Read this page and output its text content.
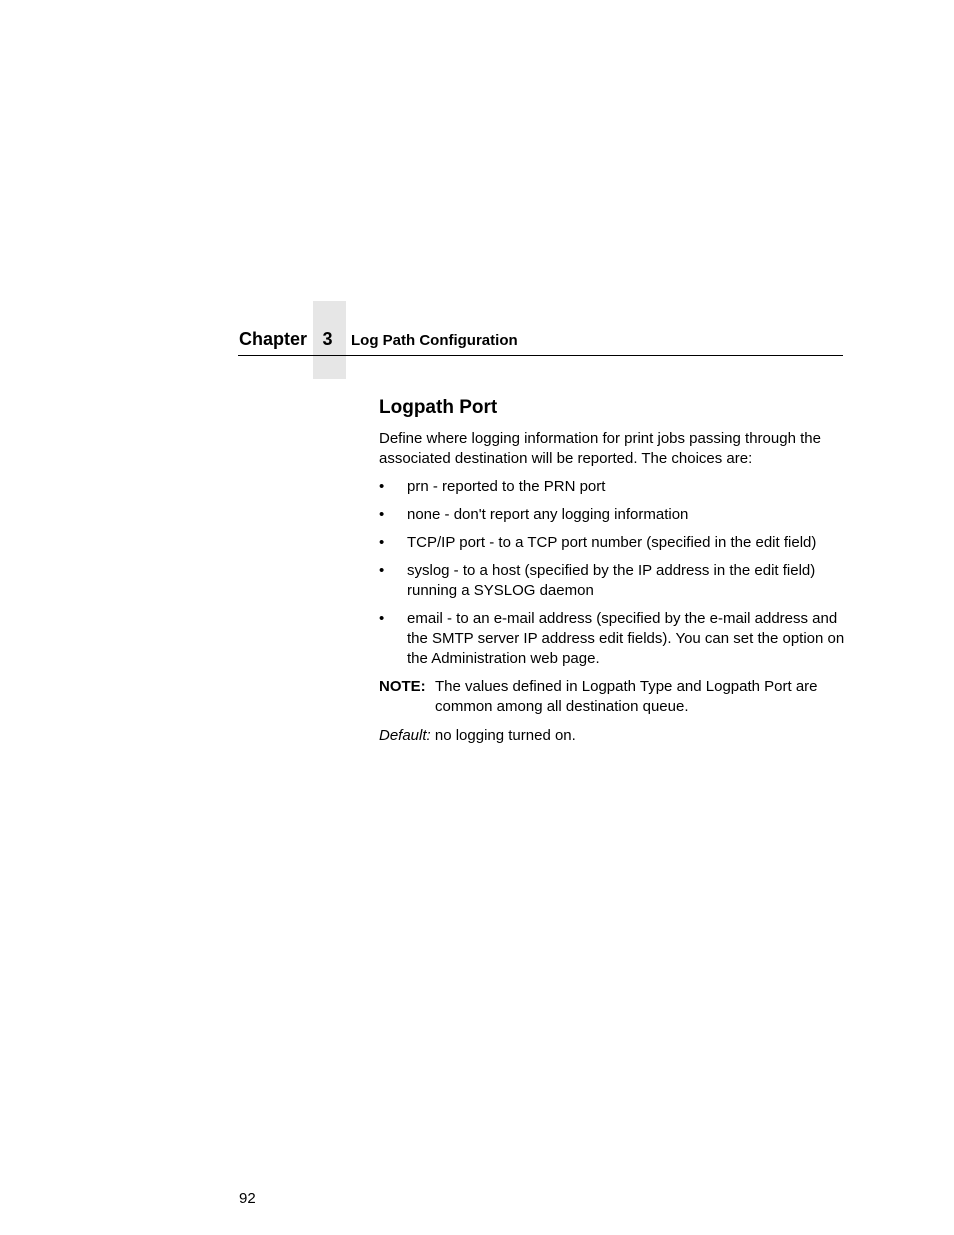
Chapter 3	Log Path Configuration
Logpath Port

Define where logging information for print jobs passing through the associated destination will be reported. The choices are:

• prn - reported to the PRN port
• none - don't report any logging information
• TCP/IP port - to a TCP port number (specified in the edit field)
• syslog - to a host (specified by the IP address in the edit field) running a SYSLOG daemon
• email - to an e-mail address (specified by the e-mail address and the SMTP server IP address edit fields). You can set the option on the Administration web page.
NOTE: The values defined in Logpath Type and Logpath Port are common among all destination queue.

Default: no logging turned on.

92
